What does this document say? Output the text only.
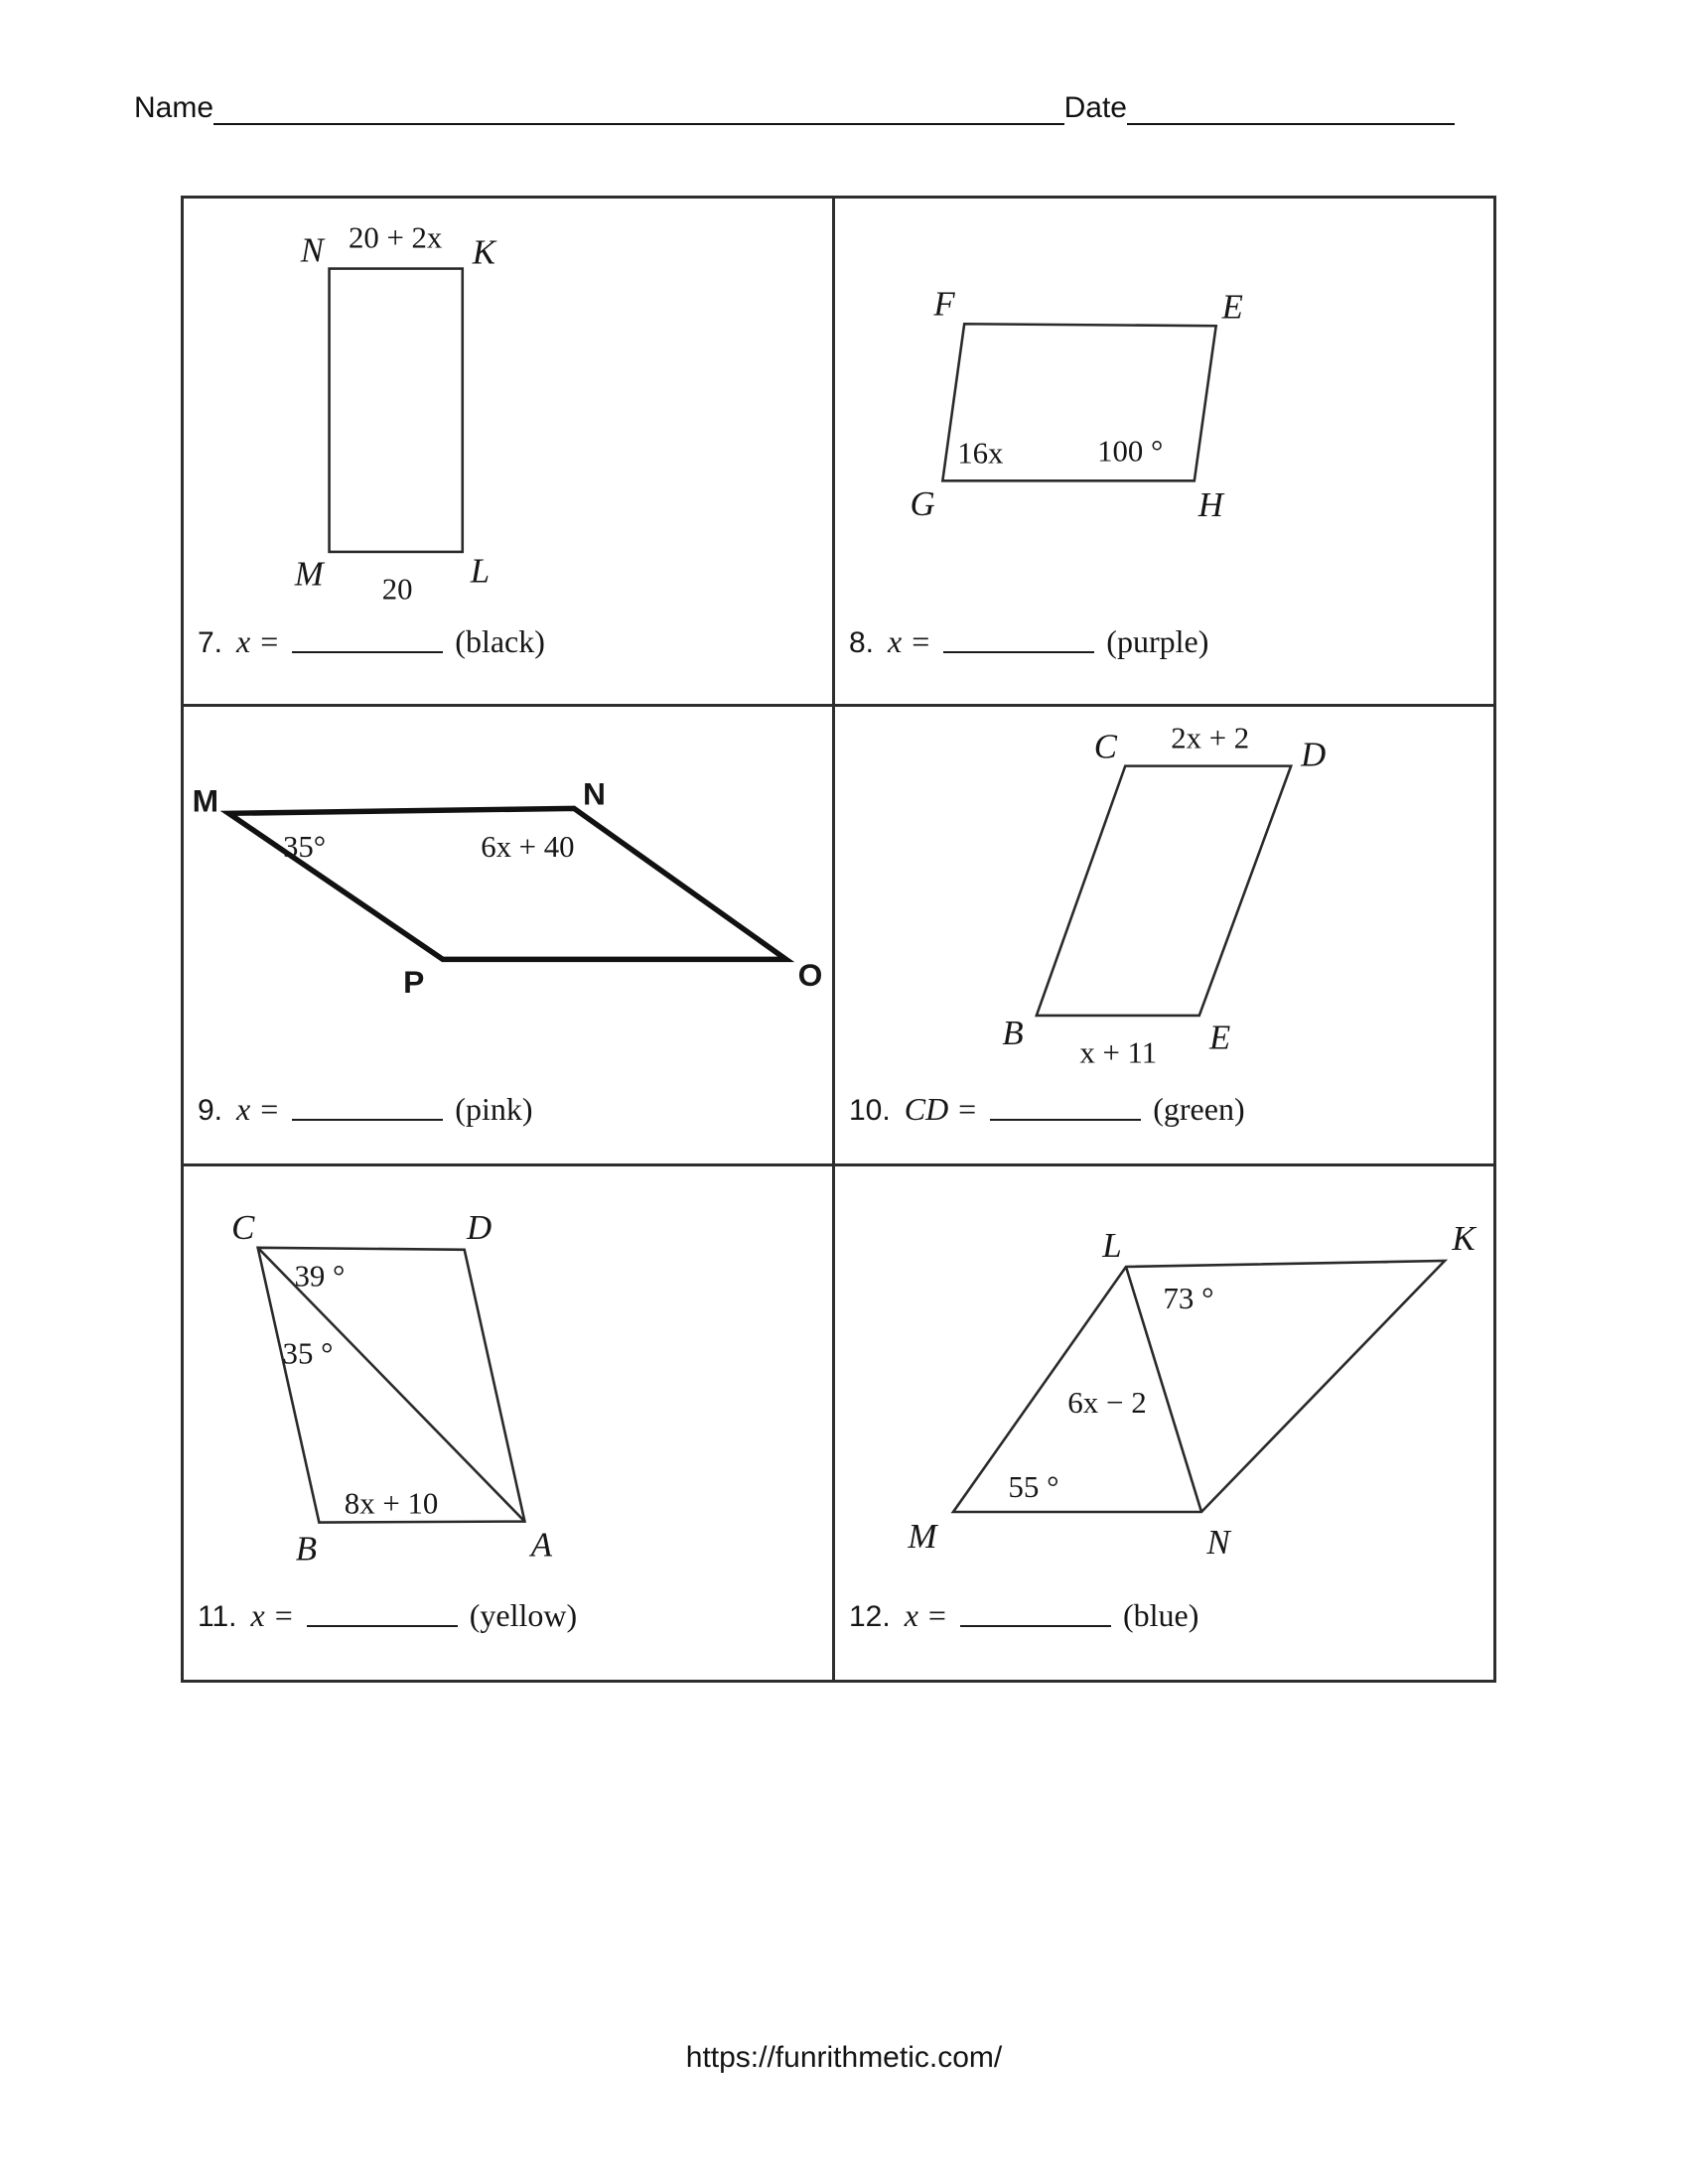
Name	Date
N 20 + 2x K
M 20 L
7. x =	(black)
F	E
G	H
16x	100 °
8. x =	(purple)
M	N
P	O
35°	6x + 40
9. x =	(pink)
C 2x + 2 D
B
x + 11 E
10. CD =	(green)
C	D
B	A
39 °
35 °
8x + 10
11. x =	(yellow)
L	K
M	N
73 °
6x − 2
55 °
12. x =	(blue)
https://funrithmetic.com/
